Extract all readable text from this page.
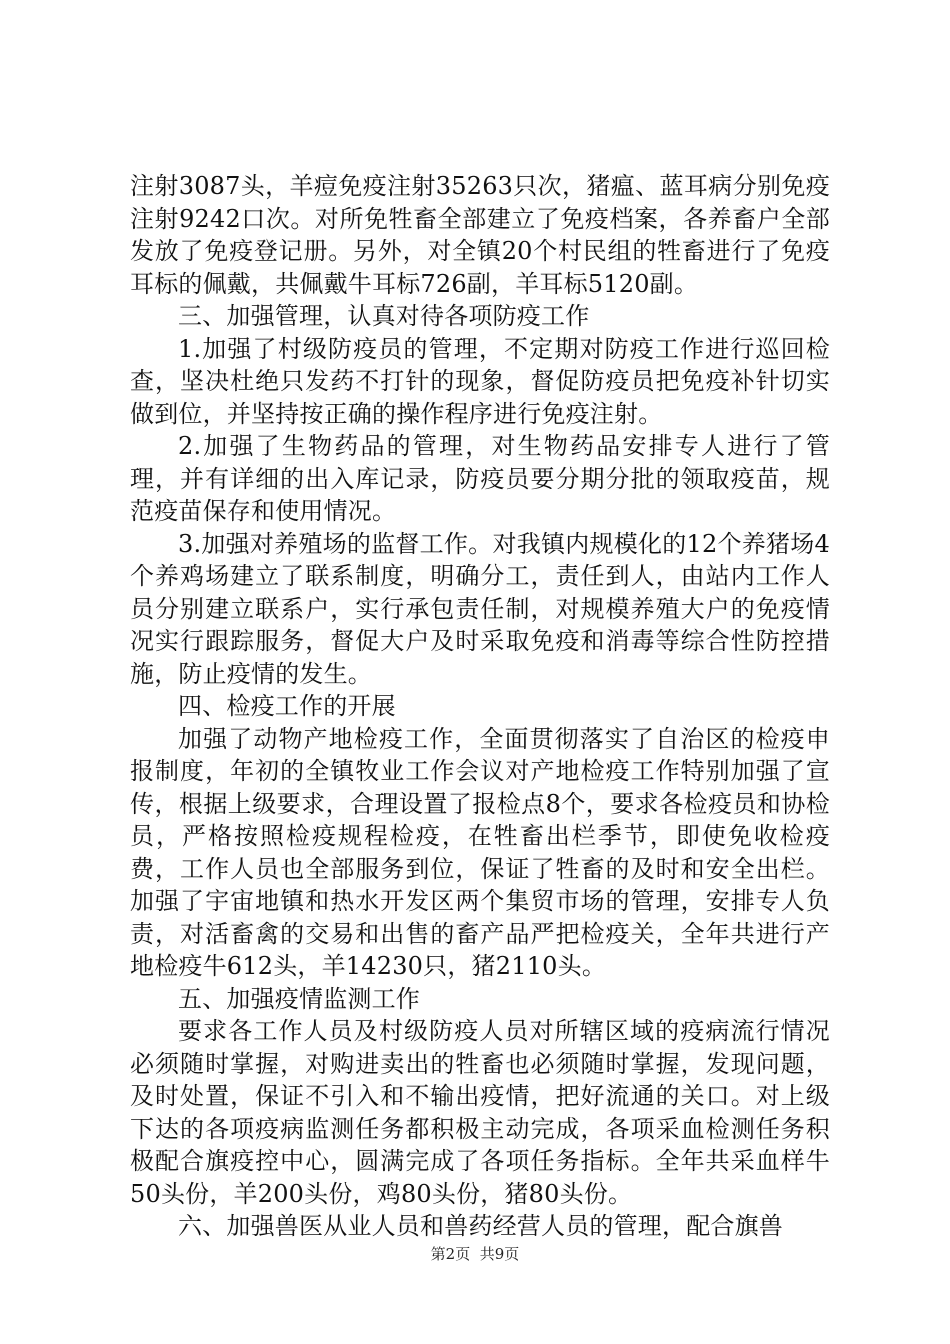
注射3087头，羊痘免疫注射35263只次，猪瘟、蓝耳病分别免疫注射9242口次。对所免牲畜全部建立了免疫档案，各养畜户全部发放了免疫登记册。另外，对全镇20个村民组的牲畜进行了免疫耳标的佩戴，共佩戴牛耳标726副，羊耳标5120副。

三、加强管理，认真对待各项防疫工作

1.加强了村级防疫员的管理，不定期对防疫工作进行巡回检查，坚决杜绝只发药不打针的现象，督促防疫员把免疫补针切实做到位，并坚持按正确的操作程序进行免疫注射。

2.加强了生物药品的管理，对生物药品安排专人进行了管理，并有详细的出入库记录，防疫员要分期分批的领取疫苗，规范疫苗保存和使用情况。

3.加强对养殖场的监督工作。对我镇内规模化的12个养猪场4个养鸡场建立了联系制度，明确分工，责任到人，由站内工作人员分别建立联系户，实行承包责任制，对规模养殖大户的免疫情况实行跟踪服务，督促大户及时采取免疫和消毒等综合性防控措施，防止疫情的发生。

四、检疫工作的开展

加强了动物产地检疫工作，全面贯彻落实了自治区的检疫申报制度，年初的全镇牧业工作会议对产地检疫工作特别加强了宣传，根据上级要求，合理设置了报检点8个，要求各检疫员和协检员，严格按照检疫规程检疫，在牲畜出栏季节，即使免收检疫费，工作人员也全部服务到位，保证了牲畜的及时和安全出栏。加强了宇宙地镇和热水开发区两个集贸市场的管理，安排专人负责，对活畜禽的交易和出售的畜产品严把检疫关，全年共进行产地检疫牛612头，羊14230只，猪2110头。

五、加强疫情监测工作

要求各工作人员及村级防疫人员对所辖区域的疫病流行情况必须随时掌握，对购进卖出的牲畜也必须随时掌握，发现问题，及时处置，保证不引入和不输出疫情，把好流通的关口。对上级下达的各项疫病监测任务都积极主动完成，各项采血检测任务积极配合旗疫控中心，圆满完成了各项任务指标。全年共采血样牛50头份，羊200头份，鸡80头份，猪80头份。

六、加强兽医从业人员和兽药经营人员的管理，配合旗兽

第2页 共9页
